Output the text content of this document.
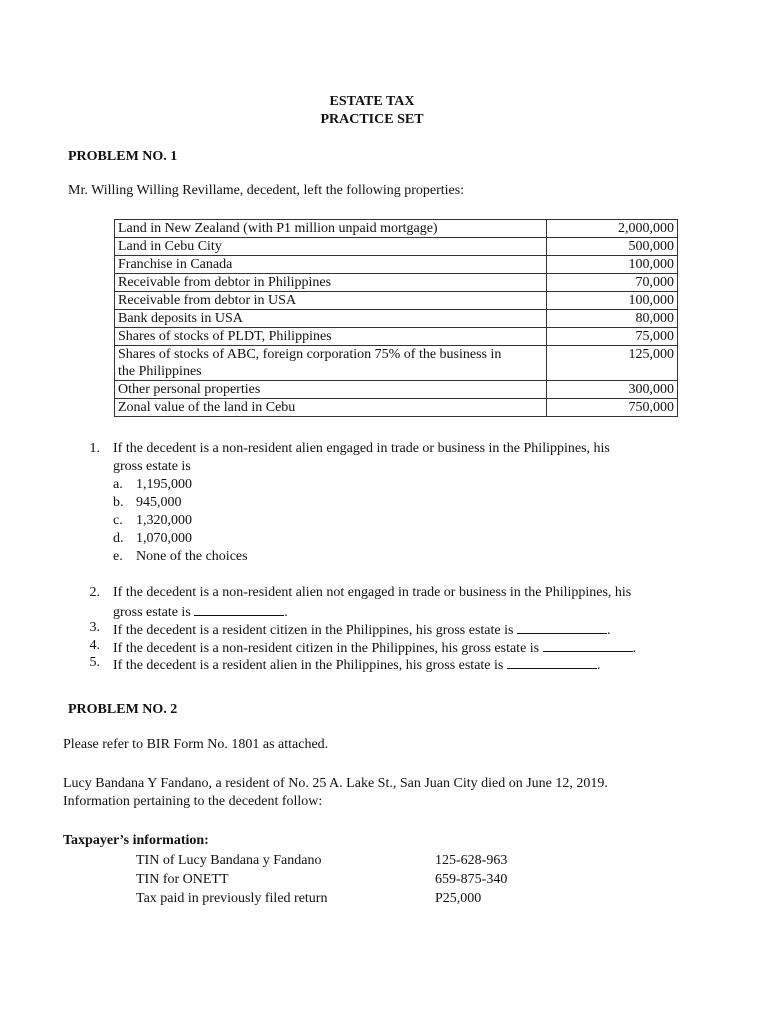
ESTATE TAX
PRACTICE SET
PROBLEM NO. 1
Mr. Willing Willing Revillame, decedent, left the following properties:
Land in New Zealand (with P1 million unpaid mortgage)	2,000,000
Land in Cebu City	500,000
Franchise in Canada	100,000
Receivable from debtor in Philippines	70,000
Receivable from debtor in USA	100,000
Bank deposits in USA	80,000
Shares of stocks of PLDT, Philippines	75,000

Shares of stocks of ABC, foreign corporation 75% of the business in
the Philippines	125,000
Other personal properties	300,000
Zonal value of the land in Cebu	750,000
1. If the decedent is a non-resident alien engaged in trade or business in the Philippines, his
gross estate is
a. 1,195,000
b. 945,000
c. 1,320,000
d. 1,070,000
e. None of the choices
2. If the decedent is a non-resident alien not engaged in trade or business in the Philippines, his
gross estate is	.
3. If the decedent is a resident citizen in the Philippines, his gross estate is	.
4. If the decedent is a non-resident citizen in the Philippines, his gross estate is	.
5. If the decedent is a resident alien in the Philippines, his gross estate is	.
PROBLEM NO. 2
Please refer to BIR Form No. 1801 as attached.
Lucy Bandana Y Fandano, a resident of No. 25 A. Lake St., San Juan City died on June 12, 2019.
Information pertaining to the decedent follow:
Taxpayer’s information:
TIN of Lucy Bandana y Fandano	125-628-963
TIN for ONETT	659-875-340
Tax paid in previously filed return	P25,000
